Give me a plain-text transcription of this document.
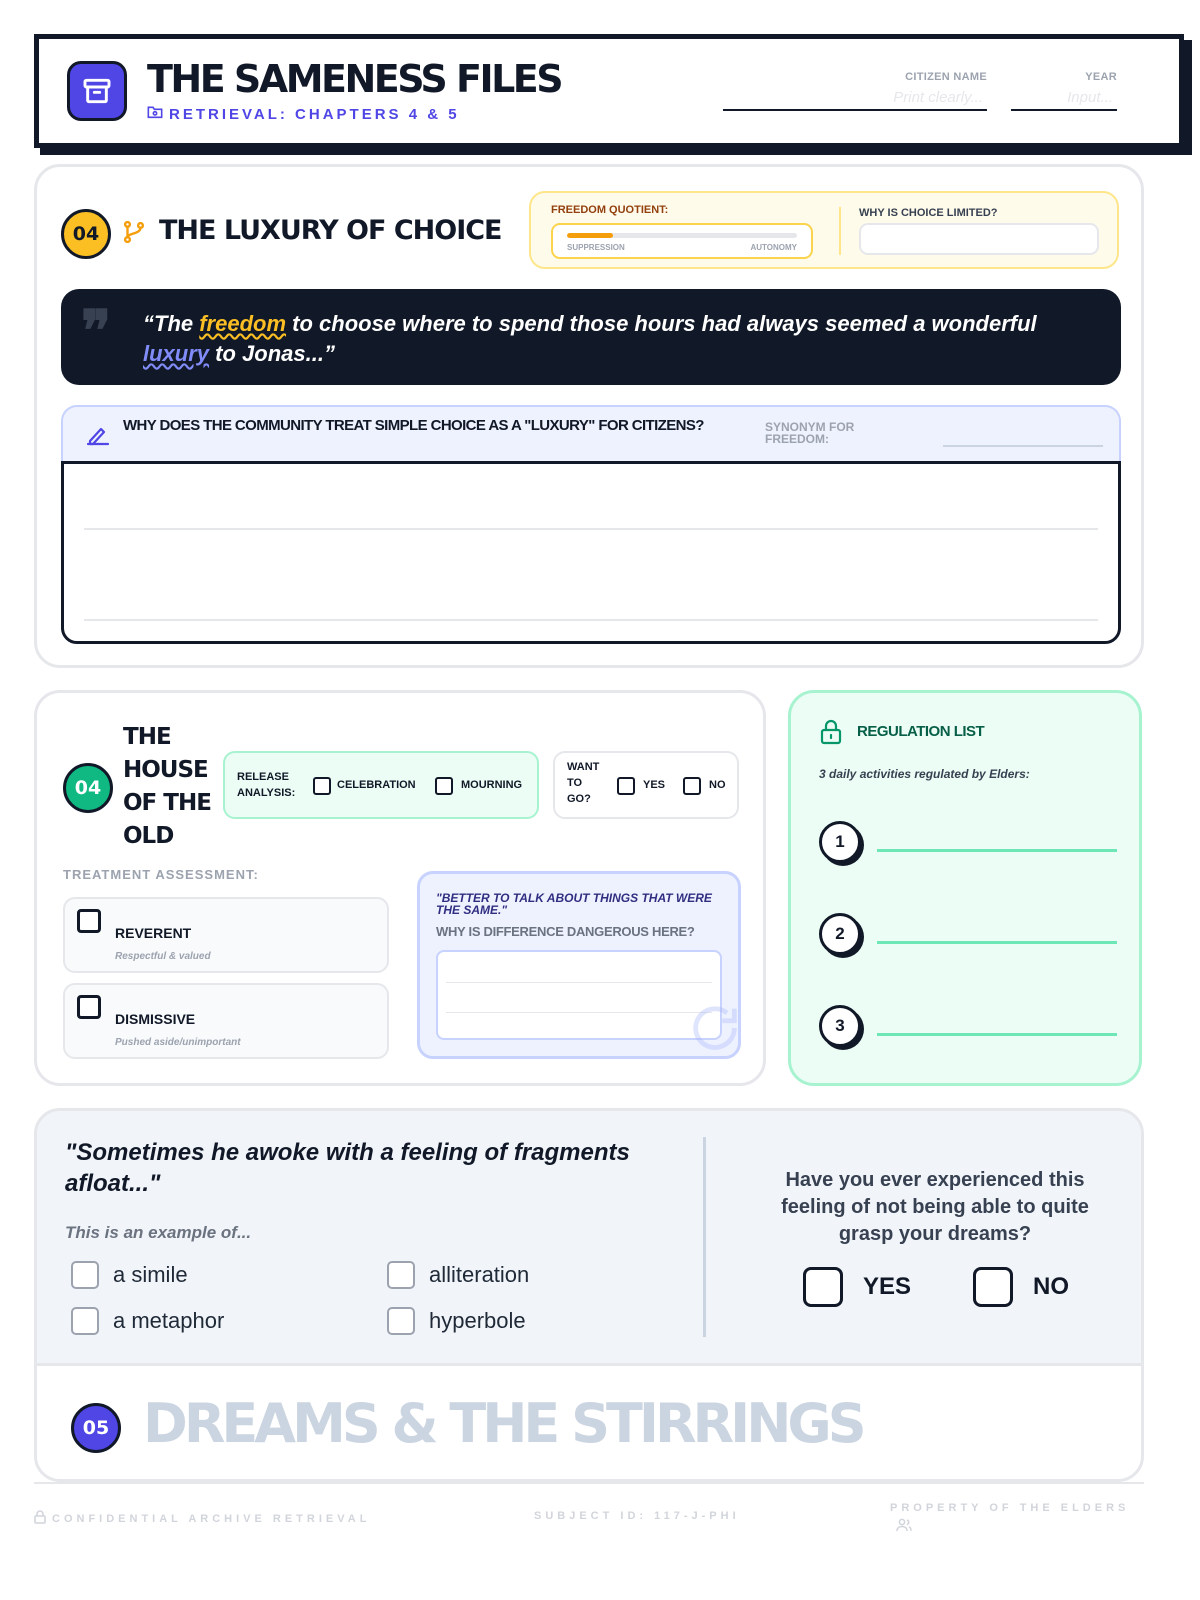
THE SAMENESS FILES
RETRIEVAL: CHAPTERS 4 & 5
CITIZEN NAME
Print clearly...
YEAR
Input...
04	THE LUXURY OF CHOICE
FREEDOM QUOTIENT:
SUPPRESSION	AUTONOMY
WHY IS CHOICE LIMITED?
❞ “The freedom to choose where to spend those hours had always seemed a wonderful luxury to Jonas...”
WHY DOES THE COMMUNITY TREAT SIMPLE CHOICE AS A "LUXURY" FOR CITIZENS?	SYNONYM FOR FREEDOM:
04
THE HOUSE OF THE OLD
RELEASE ANALYSIS:
CELEBRATION	MOURNING
WANT TO GO?
YES	NO
TREATMENT ASSESSMENT:
REVERENT
Respectful & valued
DISMISSIVE
Pushed aside/unimportant
"BETTER TO TALK ABOUT THINGS THAT WERE THE SAME."
WHY IS DIFFERENCE DANGEROUS HERE?
REGULATION LIST
3 daily activities regulated by Elders:
1
2
3
"Sometimes he awoke with a feeling of fragments afloat..."
This is an example of...
a simile	alliteration
a metaphor	hyperbole
Have you ever experienced this feeling of not being able to quite grasp your dreams?
YES	NO
05 DREAMS & THE STIRRINGS
CONFIDENTIAL ARCHIVE RETRIEVAL	SUBJECT ID: 117-J-PHI
PROPERTY OF THE ELDERS
